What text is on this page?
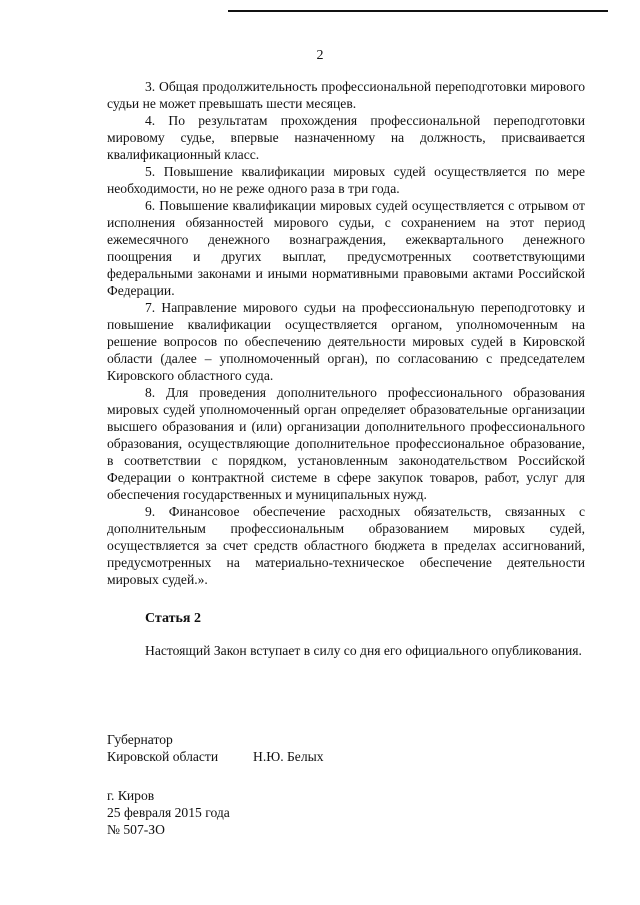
2

3. Общая продолжительность профессиональной переподготовки мирового судьи не может превышать шести месяцев.

4. По результатам прохождения профессиональной переподготовки мировому судье, впервые назначенному на должность, присваивается квалификационный класс.

5. Повышение квалификации мировых судей осуществляется по мере необходимости, но не реже одного раза в три года.

6. Повышение квалификации мировых судей осуществляется с отрывом от исполнения обязанностей мирового судьи, с сохранением на этот период ежемесячного денежного вознаграждения, ежеквартального денежного поощрения и других выплат, предусмотренных соответствующими федеральными законами и иными нормативными правовыми актами Российской Федерации.

7. Направление мирового судьи на профессиональную переподготовку и повышение квалификации осуществляется органом, уполномоченным на решение вопросов по обеспечению деятельности мировых судей в Кировской области (далее – уполномоченный орган), по согласованию с председателем Кировского областного суда.

8. Для проведения дополнительного профессионального образования мировых судей уполномоченный орган определяет образовательные организации высшего образования и (или) организации дополнительного профессионального образования, осуществляющие дополнительное профессиональное образование, в соответствии с порядком, установленным законодательством Российской Федерации о контрактной системе в сфере закупок товаров, работ, услуг для обеспечения государственных и муниципальных нужд.

9. Финансовое обеспечение расходных обязательств, связанных с дополнительным профессиональным образованием мировых судей, осуществляется за счет средств областного бюджета в пределах ассигнований, предусмотренных на материально-техническое обеспечение деятельности мировых судей.».

Статья 2

Настоящий Закон вступает в силу со дня его официального опубликования.

Губернатор
Кировской области	Н.Ю. Белых
г. Киров
25 февраля 2015 года
№ 507-ЗО
